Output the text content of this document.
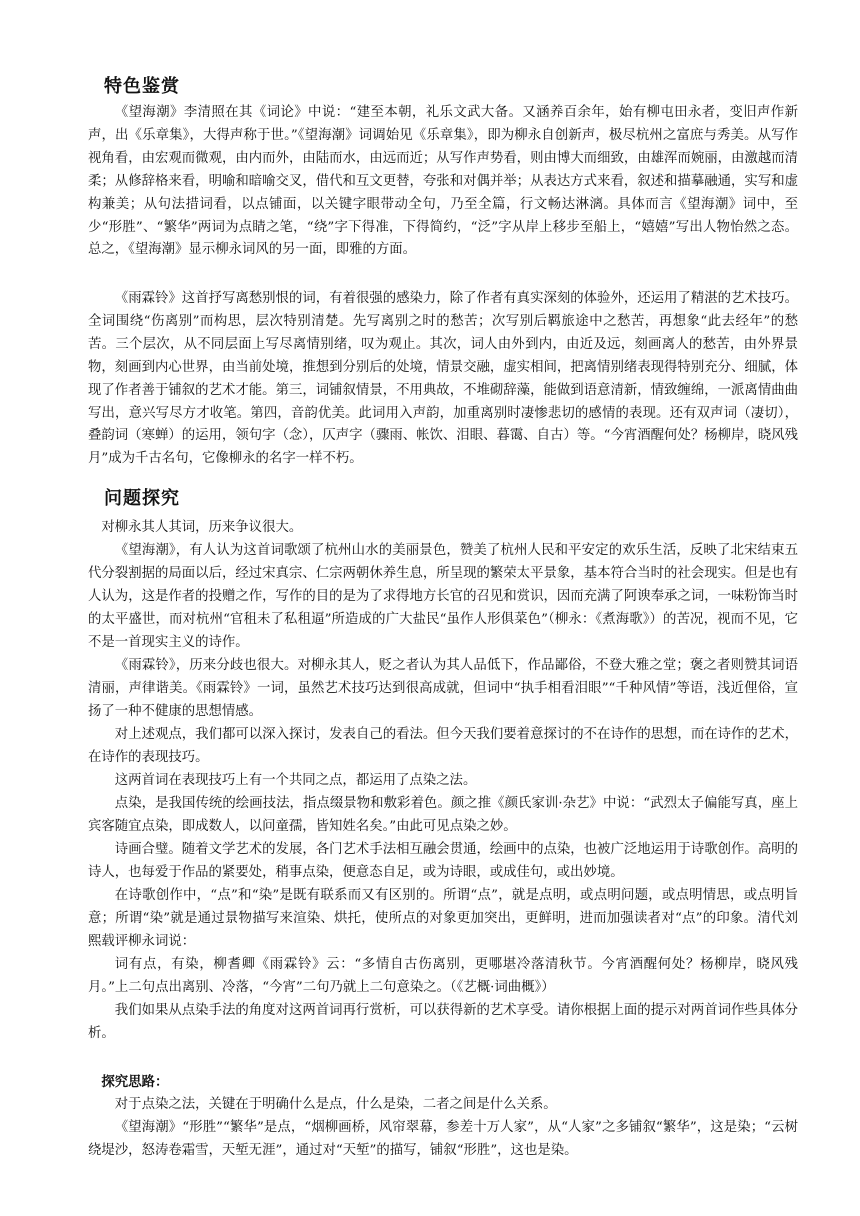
特色鉴赏

《望海潮》李清照在其《词论》中说：“建至本朝，礼乐文武大备。又涵养百余年，始有柳屯田永者，变旧声作新声，出《乐章集》，大得声称于世。”《望海潮》词调始见《乐章集》，即为柳永自创新声，极尽杭州之富庶与秀美。从写作视角看，由宏观而微观，由内而外，由陆而水，由远而近；从写作声势看，则由博大而细致，由雄浑而婉丽，由激越而清柔；从修辞格来看，明喻和暗喻交叉，借代和互文更替，夸张和对偶并举；从表达方式来看，叙述和描摹融通，实写和虚构兼美；从句法措词看，以点铺面，以关键字眼带动全句，乃至全篇，行文畅达淋漓。具体而言《望海潮》词中，至少“形胜”、“繁华”两词为点睛之笔，“绕”字下得准，下得简约，“泛”字从岸上移步至船上，“嬉嬉”写出人物怡然之态。总之，《望海潮》显示柳永词风的另一面，即雅的方面。

《雨霖铃》这首抒写离愁别恨的词，有着很强的感染力，除了作者有真实深刻的体验外，还运用了精湛的艺术技巧。全词围绕“伤离别”而构思，层次特别清楚。先写离别之时的愁苦；次写别后羁旅途中之愁苦，再想象“此去经年”的愁苦。三个层次，从不同层面上写尽离情别绪，叹为观止。其次，词人由外到内，由近及远，刻画离人的愁苦，由外界景物，刻画到内心世界，由当前处境，推想到分别后的处境，情景交融，虚实相间，把离情别绪表现得特别充分、细腻，体现了作者善于铺叙的艺术才能。第三，词铺叙情景，不用典故，不堆砌辞藻，能做到语意清新，情致缠绵，一派离情曲曲写出，意兴写尽方才收笔。第四，音韵优美。此词用入声韵，加重离别时凄惨悲切的感情的表现。还有双声词（凄切），叠韵词（寒蝉）的运用，领句字（念），仄声字（骤雨、帐饮、泪眼、暮霭、自古）等。“今宵酒醒何处？杨柳岸，晓风残月”成为千古名句，它像柳永的名字一样不朽。

问题探究

对柳永其人其词，历来争议很大。

《望海潮》，有人认为这首词歌颂了杭州山水的美丽景色，赞美了杭州人民和平安定的欢乐生活，反映了北宋结束五代分裂割据的局面以后，经过宋真宗、仁宗两朝休养生息，所呈现的繁荣太平景象，基本符合当时的社会现实。但是也有人认为，这是作者的投赠之作，写作的目的是为了求得地方长官的召见和赏识，因而充满了阿谀奉承之词，一味粉饰当时的太平盛世，而对杭州“官租未了私租逼”所造成的广大盐民“虽作人形俱菜色”（柳永：《煮海歌》）的苦况，视而不见，它不是一首现实主义的诗作。

《雨霖铃》，历来分歧也很大。对柳永其人，贬之者认为其人品低下，作品鄙俗，不登大雅之堂；褒之者则赞其词语清丽，声律谐美。《雨霖铃》一词，虽然艺术技巧达到很高成就，但词中“执手相看泪眼”“千种风情”等语，浅近俚俗，宣扬了一种不健康的思想情感。

对上述观点，我们都可以深入探讨，发表自己的看法。但今天我们要着意探讨的不在诗作的思想，而在诗作的艺术，在诗作的表现技巧。

这两首词在表现技巧上有一个共同之点，都运用了点染之法。

点染，是我国传统的绘画技法，指点缀景物和敷彩着色。颜之推《颜氏家训·杂艺》中说：“武烈太子偏能写真，座上宾客随宜点染，即成数人，以问童孺，皆知姓名矣。”由此可见点染之妙。

诗画合璧。随着文学艺术的发展，各门艺术手法相互融会贯通，绘画中的点染，也被广泛地运用于诗歌创作。高明的诗人，也每爱于作品的紧要处，稍事点染，便意态自足，或为诗眼，或成佳句，或出妙境。

在诗歌创作中，“点”和“染”是既有联系而又有区别的。所谓“点”，就是点明，或点明问题，或点明情思，或点明旨意；所谓“染”就是通过景物描写来渲染、烘托，使所点的对象更加突出，更鲜明，进而加强读者对“点”的印象。清代刘熙载评柳永词说：

词有点，有染，柳耆卿《雨霖铃》云：“多情自古伤离别，更哪堪冷落清秋节。今宵酒醒何处？杨柳岸，晓风残月。”上二句点出离别、冷落，“今宵”二句乃就上二句意染之。（《艺概·词曲概》）

我们如果从点染手法的角度对这两首词再行赏析，可以获得新的艺术享受。请你根据上面的提示对两首词作些具体分析。

探究思路：

对于点染之法，关键在于明确什么是点，什么是染，二者之间是什么关系。

《望海潮》“形胜”“繁华”是点，“烟柳画桥，风帘翠幕，参差十万人家”，从“人家”之多铺叙“繁华”，这是染；“云树绕堤沙，怒涛卷霜雪，天堑无涯”，通过对“天堑”的描写，铺叙“形胜”，这也是染。
